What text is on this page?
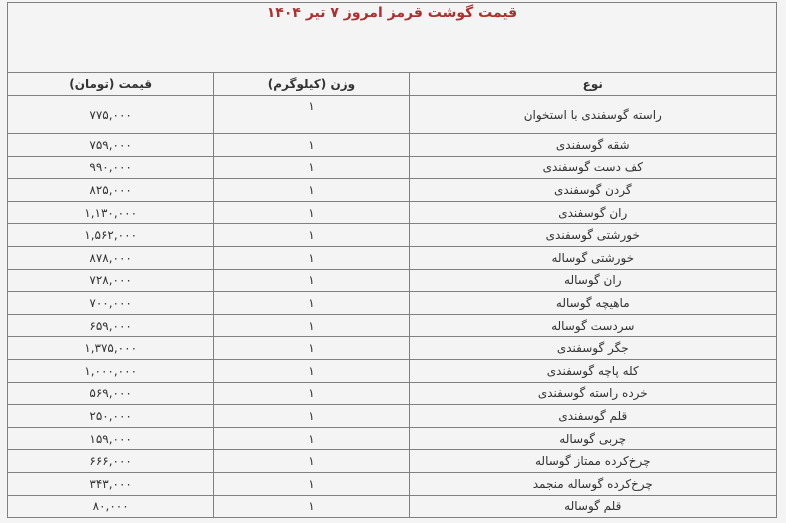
قیمت گوشت قرمز امروز ۷ تیر ۱۴۰۴		
نوع	وزن (کیلوگرم)	قیمت (تومان)
راسته گوسفندی با استخوان	۱	۷۷۵,۰۰۰
شقه گوسفندی	۱	۷۵۹,۰۰۰
کف دست گوسفندی	۱	۹۹۰,۰۰۰
گردن گوسفندی	۱	۸۲۵,۰۰۰
ران گوسفندی	۱	۱,۱۳۰,۰۰۰
خورشتی گوسفندی	۱	۱,۵۶۲,۰۰۰
خورشتی گوساله	۱	۸۷۸,۰۰۰
ران گوساله	۱	۷۲۸,۰۰۰
ماهیچه گوساله	۱	۷۰۰,۰۰۰
سردست گوساله	۱	۶۵۹,۰۰۰
جگر گوسفندی	۱	۱,۳۷۵,۰۰۰
کله پاچه گوسفندی	۱	۱,۰۰۰,۰۰۰
خرده راسته گوسفندی	۱	۵۶۹,۰۰۰
قلم گوسفندی	۱	۲۵۰,۰۰۰
چربی گوساله	۱	۱۵۹,۰۰۰
چرخ‌کرده ممتاز گوساله	۱	۶۶۶,۰۰۰
چرخ‌کرده گوساله منجمد	۱	۳۴۳,۰۰۰
قلم گوساله	۱	۸۰,۰۰۰
